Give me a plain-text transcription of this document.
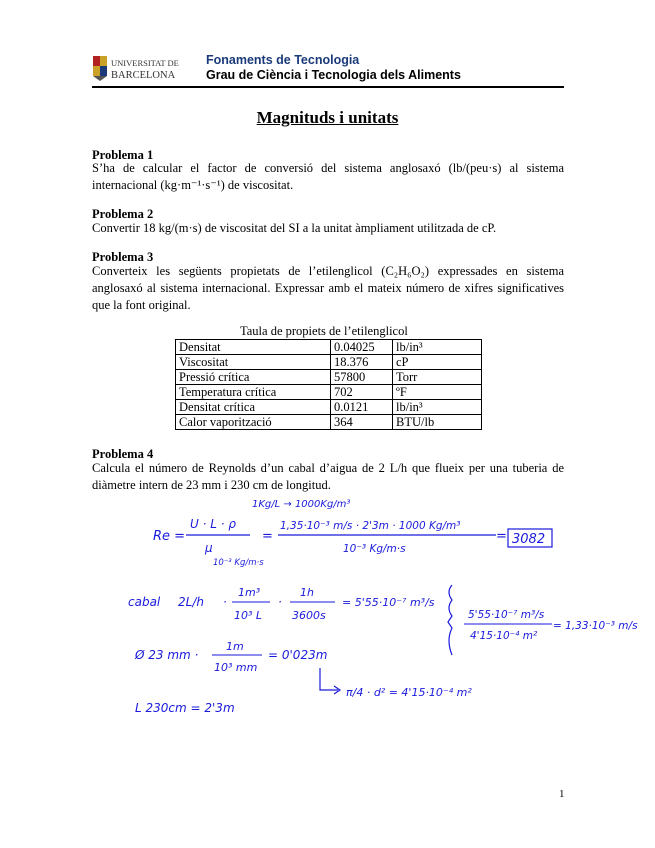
UNIVERSITAT DE
BARCELONA
Fonaments de Tecnologia
Grau de Ciència i Tecnologia dels Aliments
Magnituds i unitats
Problema 1
S’ha de calcular el factor de conversió del sistema anglosaxó (lb/(peu·s) al sistema internacional (kg·m⁻¹·s⁻¹) de viscositat.
Problema 2
Convertir 18 kg/(m·s) de viscositat del SI a la unitat àmpliament utilitzada de cP.
Problema 3
Converteix les següents propietats de l’etilenglicol (C₂H₆O₂) expressades en sistema anglosaxó al sistema internacional. Expressar amb el mateix número de xifres significatives que la font original.
Taula de propiets de l’etilenglicol
Densitat	0.04025	lb/in³
Viscositat	18.376	cP
Pressió crítica	57800	Torr
Temperatura crítica	702	ºF
Densitat crítica	0.0121	lb/in³
Calor vaporització	364	BTU/lb
Problema 4
Calcula el número de Reynolds d’un cabal d’aigua de 2 L/h que flueix per una tuberia de diàmetre intern de 23 mm i 230 cm de longitud.
1Kg/L → 1000Kg/m³
Re =
U · L · ρ
μ
10⁻³ Kg/m·s
=
1,35·10⁻³ m/s · 2'3m · 1000 Kg/m³
10⁻³ Kg/m·s
= 3082
cabal 2L/h ·
1m³
10³ L
·
1h
3600s
= 5'55·10⁻⁷ m³/s
5'55·10⁻⁷ m³/s
4'15·10⁻⁴ m²
= 1,33·10⁻³ m/s
Ø 23 mm ·
1m
10³ mm
= 0'023m
π/4 · d² = 4'15·10⁻⁴ m²
L 230cm = 2'3m
1
